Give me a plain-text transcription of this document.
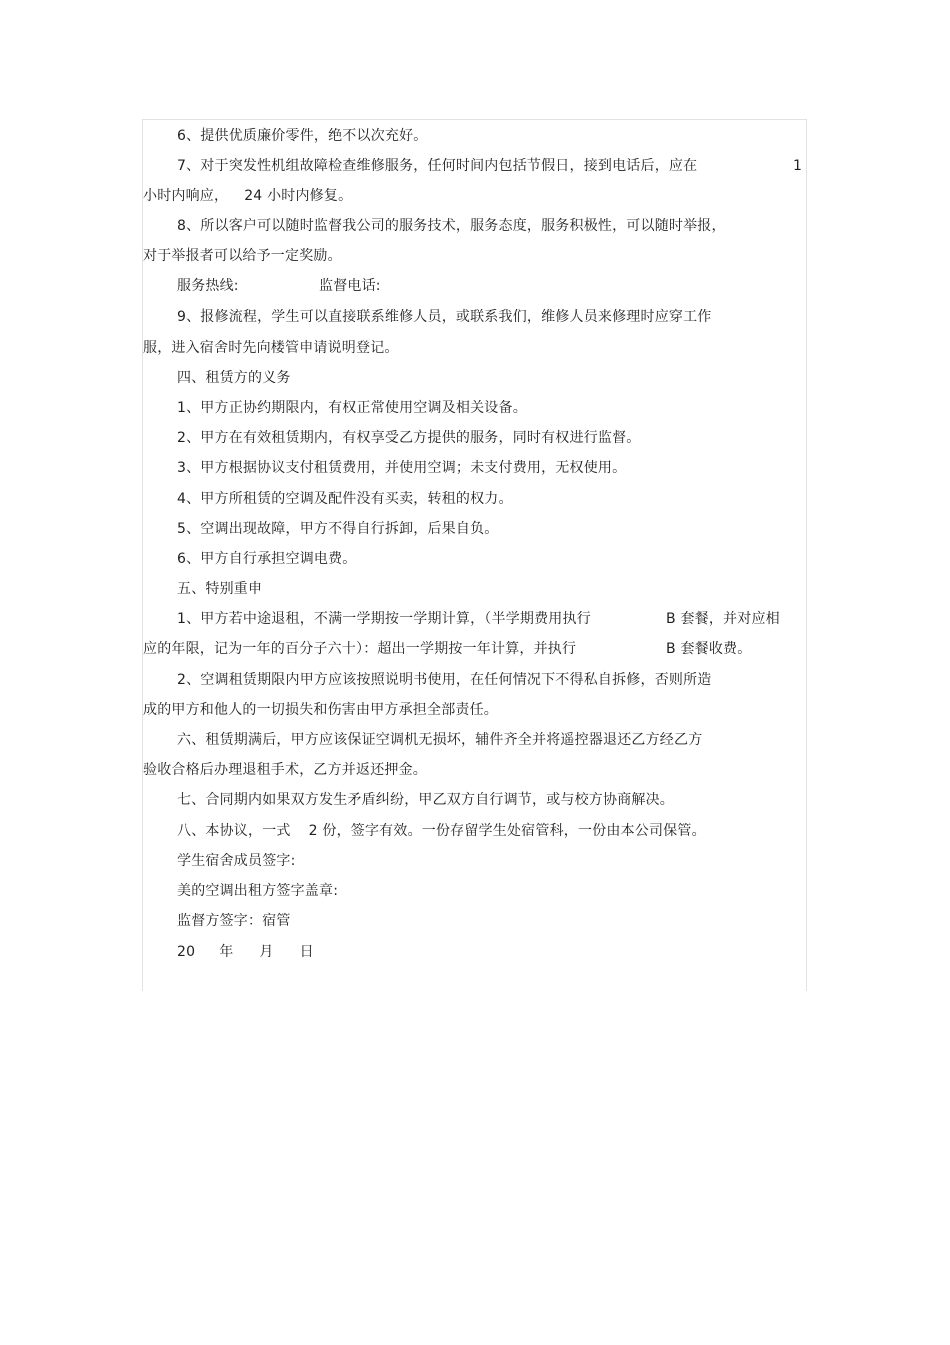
6、提供优质廉价零件，绝不以次充好。
7、对于突发性机组故障检查维修服务，任何时间内包括节假日，接到电话后，应在	1
小时内响应， 24 小时内修复。
8、所以客户可以随时监督我公司的服务技术，服务态度，服务积极性，可以随时举报，
对于举报者可以给予一定奖励。
服务热线:	监督电话:
9、报修流程，学生可以直接联系维修人员，或联系我们，维修人员来修理时应穿工作
服，进入宿舍时先向楼管申请说明登记。
四、租赁方的义务
1、甲方正协约期限内，有权正常使用空调及相关设备。
2、甲方在有效租赁期内，有权享受乙方提供的服务，同时有权进行监督。
3、甲方根据协议支付租赁费用，并使用空调；未支付费用，无权使用。
4、甲方所租赁的空调及配件没有买卖，转租的权力。
5、空调出现故障，甲方不得自行拆卸，后果自负。
6、甲方自行承担空调电费。
五、特别重申
1、甲方若中途退租，不满一学期按一学期计算，（半学期费用执行	B 套餐，并对应相
应的年限，记为一年的百分子六十）：超出一学期按一年计算，并执行	B 套餐收费。
2、空调租赁期限内甲方应该按照说明书使用，在任何情况下不得私自拆修，否则所造
成的甲方和他人的一切损失和伤害由甲方承担全部责任。
六、租赁期满后，甲方应该保证空调机无损坏，辅件齐全并将遥控器退还乙方经乙方
验收合格后办理退租手术，乙方并返还押金。
七、合同期内如果双方发生矛盾纠纷，甲乙双方自行调节，或与校方协商解决。
八、本协议，一式 2 份，签字有效。一份存留学生处宿管科，一份由本公司保管。
学生宿舍成员签字:
美的空调出租方签字盖章:
监督方签字：宿管
20 年 月 日
